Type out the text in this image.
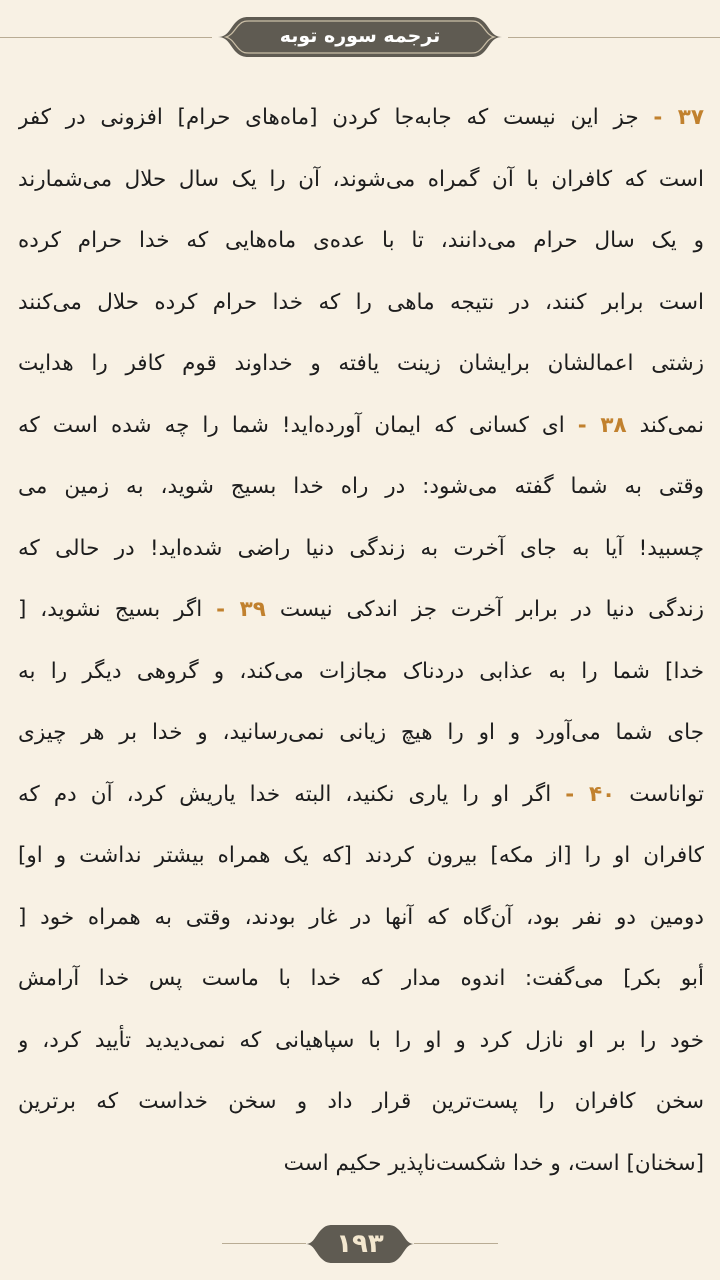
ترجمه سوره توبه
۳۷ - جز این نیست که جابه‌جا کردن [ماه‌های حرام] افزونی در کفر
است که کافران با آن گمراه می‌شوند، آن را یک سال حلال می‌شمارند
و یک سال حرام می‌دانند، تا با عده‌ی ماه‌هایی که خدا حرام کرده
است برابر کنند، در نتیجه ماهی را که خدا حرام کرده حلال می‌کنند
زشتی اعمالشان برایشان زینت یافته و خداوند قوم کافر را هدایت
نمی‌کند ۳۸ - ای کسانی که ایمان آورده‌اید! شما را چه شده است که
وقتی به شما گفته می‌شود: در راه خدا بسیج شوید، به زمین می
چسبید! آیا به جای آخرت به زندگی دنیا راضی شده‌اید! در حالی که
زندگی دنیا در برابر آخرت جز اندکی نیست ۳۹ - اگر بسیج نشوید، [
خدا] شما را به عذابی دردناک مجازات می‌کند، و گروهی دیگر را به
جای شما می‌آورد و او را هیچ زیانی نمی‌رسانید، و خدا بر هر چیزی
تواناست ۴۰ - اگر او را یاری نکنید، البته خدا یاریش کرد، آن دم که
کافران او را [از مکه] بیرون کردند [که یک همراه بیشتر نداشت و او]
دومین دو نفر بود، آن‌گاه که آنها در غار بودند، وقتی به همراه خود [
أبو بکر] می‌گفت: اندوه مدار که خدا با ماست پس خدا آرامش
خود را بر او نازل کرد و او را با سپاهیانی که نمی‌دیدید تأیید کرد، و
سخن کافران را پست‌ترین قرار داد و سخن خداست که برترین
[سخنان] است، و خدا شکست‌ناپذیر حکیم است
۱۹۳
